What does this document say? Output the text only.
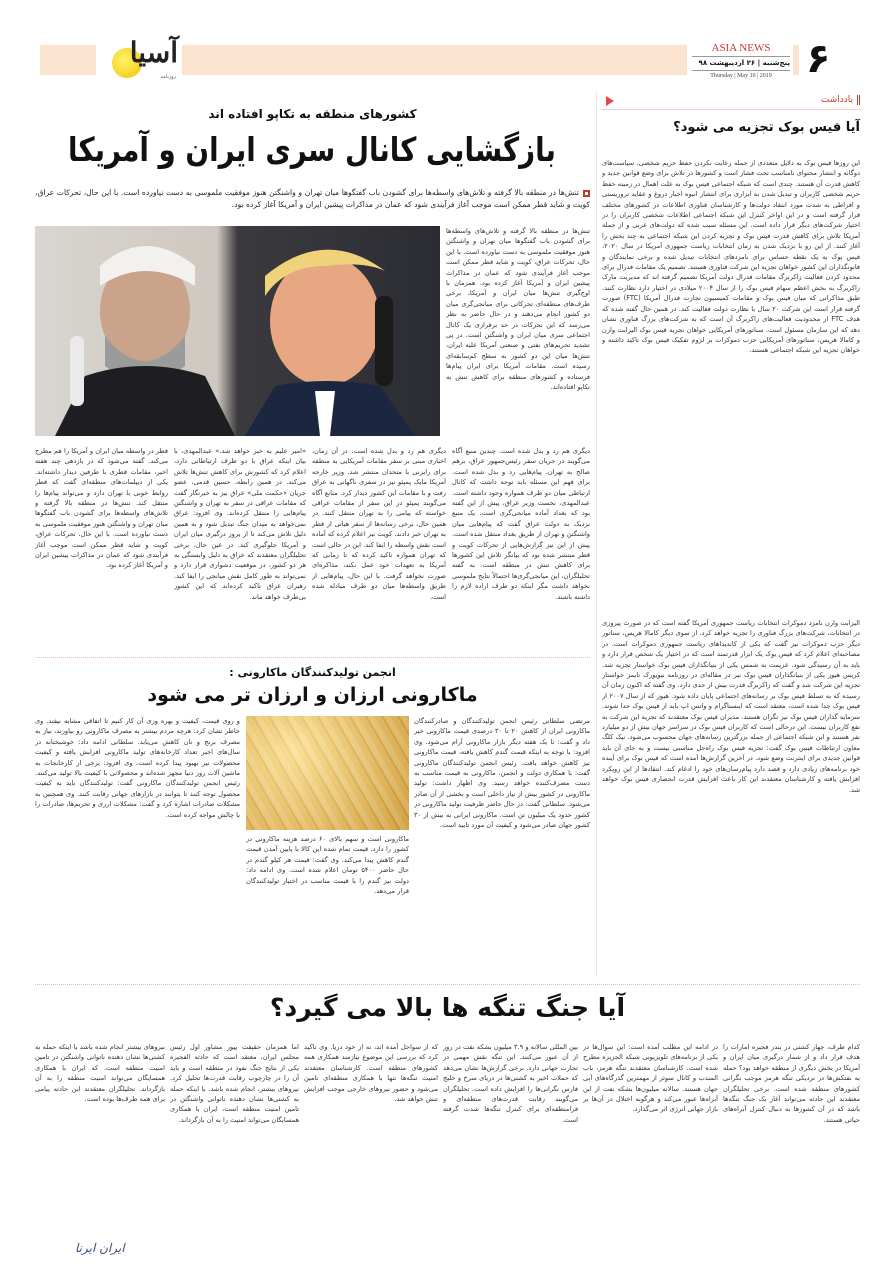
آسیا
روزنامه
ASIA NEWS
پنج‌شنبه | ۲۶ اردیبهشت ۹۸
Thursday | May 16 | 2019 ۶
یادداشت
آیا فیس بوک تجزیه می شود؟
این روزها فیس بوک به دلایل متعددی از جمله رعایت نکردن حفظ حریم شخصی، سیاست‌های دوگانه و انتشار محتوای نامناسب تحت فشار است و کشورها در تلاش برای وضع قوانین جدید و کاهش قدرت آن هستند. چندی است که شبکه اجتماعی فیس بوک به علت اهمال در زمینه حفظ حریم شخصی کاربران و تبدیل شدن به ابزاری برای انتشار انبوه اخبار دروغ و عقاید تروریستی و افراطی به شدت مورد انتقاد دولت‌ها و کارشناسان فناوری اطلاعات در کشورهای مختلف قرار گرفته است و در این اواخر کنترل این شبکه اجتماعی اطلاعات شخصی کاربران را در اختیار شرکت‌های دیگر قرار داده است. این مسئله سبب شده که دولت‌های غربی و از جمله آمریکا تلاش برای کاهش قدرت فیس بوک و تجزیه کردن این شبکه اجتماعی به چند بخش را آغاز کنند. از این رو با نزدیک شدن به زمان انتخابات ریاست جمهوری آمریکا در سال ۲۰۲۰، فیس بوک به یک نقطه حساس برای نامزدهای انتخابات تبدیل شده و برخی نمایندگان و قانونگذاران این کشور خواهان تجزیه این شرکت فناوری هستند. تصمیم یک مقامات فدرال برای محدود کردن فعالیت زاکربرگ مقامات فدرال دولت آمریکا تصمیم گرفته اند که مدیریت مارک زاکربرگ به بخش اعظم سهام فیس بوک را از سال ۲۰۰۴ میلادی در اختیار دارد نظارت کنند. طبق مذاکراتی که میان فیس بوک و مقامات کمیسیون تجارت فدرال آمریکا (FTC) صورت گرفته قرار است این شرکت ۲۰ سال با نظارت دولت فعالیت کند. در همین حال گفته شده که هدف FTC از محدودیت فعالیت‌های زاکربرگ آن است که به شرکت‌های بزرگ فناوری نشان دهد که این سازمان مسئول است. سناتورهای آمریکایی خواهان تجزیه فیس بوک الیزابت وارن و کامالا هریس، سناتورهای آمریکایی حزب دموکرات بر لزوم تفکیک فیس بوک تاکید داشته و خواهان تجزیه این شبکه اجتماعی هستند.
الیزابت وارن نامزد دموکرات انتخابات ریاست جمهوری آمریکا گفته است که در صورت پیروزی در انتخابات، شرکت‌های بزرگ فناوری را تجزیه خواهد کرد. از سوی دیگر کامالا هریس، سناتور دیگر حزب دموکرات نیز گفت که یکی از کاندیداهای ریاست جمهوری دموکرات است. در مصاحبه‌ای اعلام کرد که فیس بوک یک ابزار قدرتمند است که در اختیار یک شخص قرار دارد و باید به آن رسیدگی شود. عزیمت به شمس یکی از بنیانگذاران فیس بوک خواستار تجزیه شد. کریس هیوز یکی از بنیانگذاران فیس بوک نیز در مقاله‌ای در روزنامه نیویورک تایمز خواستار تجزیه این شرکت شد و گفت که زاکربرگ قدرت بیش از حدی دارد. وی گفته که اکنون زمان آن رسیده که به تسلط فیس بوک بر رسانه‌های اجتماعی پایان داده شود. هیوز که از سال ۲۰۰۷ از فیس بوک جدا شده است، معتقد است که اینستاگرام و واتس اپ باید از فیس بوک جدا شوند. سرمایه گذاران فیس بوک نیز نگران هستند. مدیران فیس بوک معتقدند که تجزیه این شرکت به نفع کاربران نیست. این درحالی است که کاربران فیس بوک در سراسر جهان بیش از دو میلیارد نفر هستند و این شبکه اجتماعی از جمله بزرگترین رسانه‌های جهان محسوب می‌شود. نیک کلگ معاون ارتباطات فیس بوک گفت: تجزیه فیس بوک راه‌حل مناسبی نیست و به جای آن باید قوانین جدیدی برای اینترنت وضع شود. در آخرین گزارش‌ها آمده است که فیس بوک برای آینده خود برنامه‌های زیادی دارد و قصد دارد پیام‌رسان‌های خود را ادغام کند. انتقادها از این رویکرد افزایش یافته و کارشناسان معتقدند این کار باعث افزایش قدرت انحصاری فیس بوک خواهد شد.
کشورهای منطقه به تکاپو افتاده اند
بازگشایی کانال سری ایران و آمریکا
تنش‌ها در منطقه بالا گرفته و تلاش‌های واسطه‌ها برای گشودن باب گفتگوها میان تهران و واشنگتن هنوز موفقیت ملموسی به دست نیاورده است. با این حال، تحرکات عراق، کویت و شاید قطر ممکن است موجب آغاز فرآیندی شود که عمان در مذاکرات پیشین ایران و آمریکا آغاز کرده بود.
تنش‌ها در منطقه بالا گرفته و تلاش‌های واسطه‌ها برای گشودن باب گفتگوها میان تهران و واشنگتن هنوز موفقیت ملموسی به دست نیاورده است. با این حال، تحرکات عراق، کویت و شاید قطر ممکن است موجب آغاز فرآیندی شود که عمان در مذاکرات پیشین ایران و آمریکا آغاز کرده بود. همزمان با اوج‌گیری تنش‌ها میان ایران و آمریکا، برخی طرف‌های منطقه‌ای تحرکاتی برای میانجی‌گری میان دو کشور انجام می‌دهند و در حال حاضر به نظر می‌رسد که این تحرکات در حد برقراری یک کانال اجتماعی سری میان ایران و واشنگتن است. در پی تشدید تحریم‌های نفتی و صنعتی آمریکا علیه ایران، تنش‌ها میان این دو کشور به سطح کم‌سابقه‌ای رسیده است. مقامات آمریکا برای ایران پیام‌ها فرستاده و کشورهای منطقه برای کاهش تنش به تکاپو افتاده‌اند.
دیگری هم رد و بدل شده است. چندین منبع آگاه می‌گویند در جریان سفر رئیس‌جمهور عراق، برهم صالح به تهران، پیام‌هایی رد و بدل شده است. برای فهم این مسئله باید توجه داشت که کانال ارتباطی میان دو طرف همواره وجود داشته است. عبدالمهدی، نخست وزیر عراق، پیش از این گفته بود که بغداد آماده میانجی‌گری است. یک منبع نزدیک به دولت عراق گفت که پیام‌هایی میان واشنگتن و تهران از طریق بغداد منتقل شده است. پیش از این نیز گزارش‌هایی از تحرکات کویت و قطر منتشر شده بود که بیانگر تلاش این کشورها برای کاهش تنش در منطقه است. به گفته تحلیلگران، این میانجی‌گری‌ها احتمالاً نتایج ملموسی نخواهد داشت مگر اینکه دو طرف اراده لازم را داشته باشند.
دیگری هم رد و بدل شده است. در آن زمان، اخباری مبنی بر سفر مقامات آمریکایی به منطقه برای رایزنی با متحدان منتشر شد. وزیر خارجه آمریکا مایک پمپئو نیز در سفری ناگهانی به عراق رفت و با مقامات این کشور دیدار کرد. منابع آگاه می‌گویند پمپئو در این سفر از مقامات عراقی خواسته که پیامی را به تهران منتقل کنند. در همین حال، برخی رسانه‌ها از سفر هیاتی از قطر به تهران خبر دادند. کویت نیز اعلام کرده که آماده است نقش واسطه را ایفا کند. این در حالی است که تهران همواره تاکید کرده که تا زمانی که آمریکا به تعهدات خود عمل نکند، مذاکره‌ای صورت نخواهد گرفت. با این حال، پیام‌هایی از طریق واسطه‌ها میان دو طرف مبادله شده است.
«امیر علیم به خبر خواهد شد.» عبدالمهدی، با بیان اینکه عراق با دو طرف ارتباطاتی دارد، اعلام کرد که کشورش برای کاهش تنش‌ها تلاش می‌کند. در همین رابطه، حسین قدمی، عضو جریان «حکمت ملی» عراق نیز به خبرنگار گفت که مقامات عراقی در سفر به تهران و واشنگتن پیام‌هایی را منتقل کرده‌اند. وی افزود: عراق نمی‌خواهد به میدان جنگ تبدیل شود و به همین دلیل تلاش می‌کند تا از بروز درگیری میان ایران و آمریکا جلوگیری کند. در عین حال، برخی تحلیلگران معتقدند که عراق به دلیل وابستگی به هر دو کشور، در موقعیت دشواری قرار دارد و نمی‌تواند به طور کامل نقش میانجی را ایفا کند. رهبران عراق تاکید کرده‌اند که این کشور بی‌طرف خواهد ماند.
قطر در واسطه میان ایران و آمریکا را هم مطرح می‌کند. گفته می‌شود که در بازدهی چند هفته اخیر، مقامات قطری با طرفین دیدار داشته‌اند. یکی از دیپلمات‌های منطقه‌ای گفت که قطر روابط خوبی با تهران دارد و می‌تواند پیام‌ها را منتقل کند. تنش‌ها در منطقه بالا گرفته و تلاش‌های واسطه‌ها برای گشودن باب گفتگوها میان تهران و واشنگتن هنوز موفقیت ملموسی به دست نیاورده است. با این حال، تحرکات عراق، کویت و شاید قطر ممکن است موجب آغاز فرآیندی شود که عمان در مذاکرات پیشین ایران و آمریکا آغاز کرده بود.
انجمن تولیدکنندگان ماکارونی :
ماکارونی ارزان و ارزان تر می شود
مرتضی سلطانی رئیس انجمن تولیدکنندگان و صادرکنندگان ماکارونی ایران از کاهش ۲۰ تا ۳۰ درصدی قیمت ماکارونی خبر داد و گفت: تا یک هفته دیگر بازار ماکارونی آرام می‌شود. وی افزود: با توجه به اینکه قیمت گندم کاهش یافته، قیمت ماکارونی نیز کاهش خواهد یافت. رئیس انجمن تولیدکنندگان ماکارونی گفت: با همکاری دولت و انجمن، ماکارونی به قیمت مناسب به دست مصرف‌کننده خواهد رسید. وی اظهار داشت: تولید ماکارونی در کشور بیش از نیاز داخلی است و بخشی از آن صادر می‌شود. سلطانی گفت: در حال حاضر ظرفیت تولید ماکارونی در کشور حدود یک میلیون تن است. ماکارونی ایرانی به بیش از ۳۰ کشور جهان صادر می‌شود و کیفیت آن مورد تایید است.
ماکارونی است و سهم بالای ۶۰ درصد هزینه ماکارونی در کشور را دارد. قیمت تمام شده این کالا با پایین آمدن قیمت گندم کاهش پیدا می‌کند. وی گفت: قیمت هر کیلو گندم در حال حاضر ۵۴۰۰ تومان اعلام شده است. وی ادامه داد: دولت نیز گندم را با قیمت مناسب در اختیار تولیدکنندگان قرار می‌دهد.
و روی قیمت، کیفیت و بهره وری آن کار کنیم تا اتفاقی مشابه نیفتد. وی خاطر نشان کرد: هرچه مردم بیشتر به مصرف ماکارونی رو بیاورند، نیاز به مصرف برنج و نان کاهش می‌یابد. سلطانی ادامه داد: خوشبختانه در سال‌های اخیر تعداد کارخانه‌های تولید ماکارونی افزایش یافته و کیفیت محصولات نیز بهبود پیدا کرده است. وی افزود: برخی از کارخانجات به ماشین آلات روز دنیا مجهز شده‌اند و محصولاتی با کیفیت بالا تولید می‌کنند. رئیس انجمن تولیدکنندگان ماکارونی گفت: تولیدکنندگان باید به کیفیت محصول توجه کنند تا بتوانند در بازارهای جهانی رقابت کنند. وی همچنین به مشکلات صادرات اشاره کرد و گفت: مشکلات ارزی و تحریم‌ها، صادرات را با چالش مواجه کرده است.
آیا جنگ تنگه ها بالا می گیرد؟
کدام طرف، چهار کشتی در بندر فجیره امارات را هدف قرار داد و از شمار درگیری میان ایران و آمریکا در بخش دیگری از منطقه خواهد بود؟ حمله به نفتکش‌ها در نزدیکی تنگه هرمز موجب نگرانی کشورهای منطقه شده است. برخی تحلیلگران معتقدند این حادثه می‌تواند آغاز یک جنگ تنگه‌ها باشد که در آن کشورها به دنبال کنترل آبراه‌های حیاتی هستند.
در ادامه این مطلب آمده است: این سوال‌ها در یکی از برنامه‌های تلویزیونی شبکه الجزیره مطرح شده است. کارشناسان معتقدند تنگه هرمز، باب المندب و کانال سوئز از مهمترین گذرگاه‌های آبی جهان هستند. سالانه میلیون‌ها بشکه نفت از این آبراه‌ها عبور می‌کند و هرگونه اختلال در آن‌ها بر بازار جهانی انرژی اثر می‌گذارد.
بین المللی سالانه و ۳.۹ میلیون بشکه نفت در روز از آن عبور می‌کنند. این تنگه نقش مهمی در تجارت جهانی دارد. برخی گزارش‌ها نشان می‌دهد که حملات اخیر به کشتی‌ها در دریای سرخ و خلیج فارس نگرانی‌ها را افزایش داده است. تحلیلگران می‌گویند رقابت قدرت‌های منطقه‌ای و فرامنطقه‌ای برای کنترل تنگه‌ها شدت گرفته است.
که از سواحل آمده اند، نه از خود دریا. وی تاکید کرد که بررسی این موضوع نیازمند همکاری همه کشورهای منطقه است. کارشناسان معتقدند امنیت تنگه‌ها تنها با همکاری منطقه‌ای تامین می‌شود و حضور نیروهای خارجی موجب افزایش تنش خواهد شد.
اما همزمان حقیقت پیور مشاور اول رئیس مجلس ایران، معتقد است که حادثه الفجیره یکی از نتایج جنگ نفوذ در منطقه است و باید آن را در چارچوب رقابت قدرت‌ها تحلیل کرد. نیروهای بیشتر، انجام شده باشد. با اینکه حمله به کشتی‌ها نشان دهنده ناتوانی واشنگتن در تامین امنیت منطقه است، ایران با همکاری همسایگان می‌تواند امنیت را به آن بازگرداند.
نیروهای بیشتر انجام شده باشد با اینکه حمله به کشتی‌ها نشان دهنده ناتوانی واشنگتن در تامین امنیت منطقه است. که ایران با همکاری همسایگان می‌تواند امنیت منطقه را به آن بازگرداند. تحلیلگران معتقدند این حادثه پیامی برای همه طرف‌ها بوده است.
ایران ایرنا
